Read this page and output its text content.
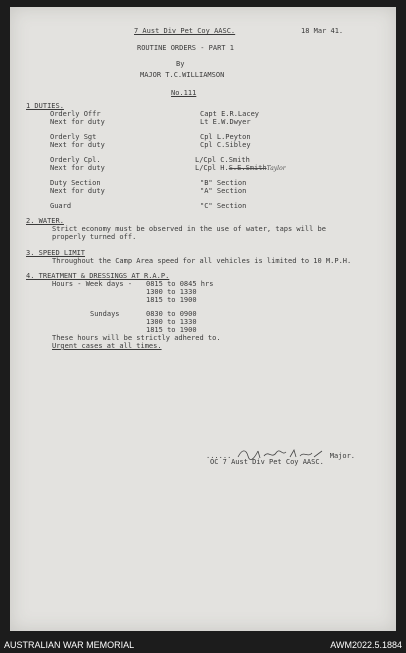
7 Aust Div Pet Coy AASC.	18 Mar 41.
ROUTINE ORDERS - PART 1
By
MAJOR T.C.WILLIAMSON
No.111
1 DUTIES.
Orderly Offr	Capt E.R.Lacey
Next for duty	Lt E.W.Dwyer
Orderly Sgt	Cpl L.Peyton
Next for duty	Cpl C.Sibley
Orderly Cpl.	L/Cpl C.Smith
Next for duty	L/Cpl H.S.E.SmithTaylor
Duty Section	"B" Section
Next for duty	"A" Section
Guard	"C" Section
2. WATER.
Strict economy must be observed in the use of water, taps will be
properly turned off.
3. SPEED LIMIT
Throughout the Camp Area speed for all vehicles is limited to 10 M.P.H.
4. TREATMENT & DRESSINGS AT R.A.P.
Hours - Week days - 0815 to 0845 hrs
1300 to 1330
1815 to 1900
Sundays	0830 to 0900
1300 to 1330
1815 to 1900
These hours will be strictly adhered to.
Urgent cases at all times.
......	Major.
OC 7 Aust Div Pet Coy AASC.
AUSTRALIAN WAR MEMORIAL	AWM2022.5.1884
